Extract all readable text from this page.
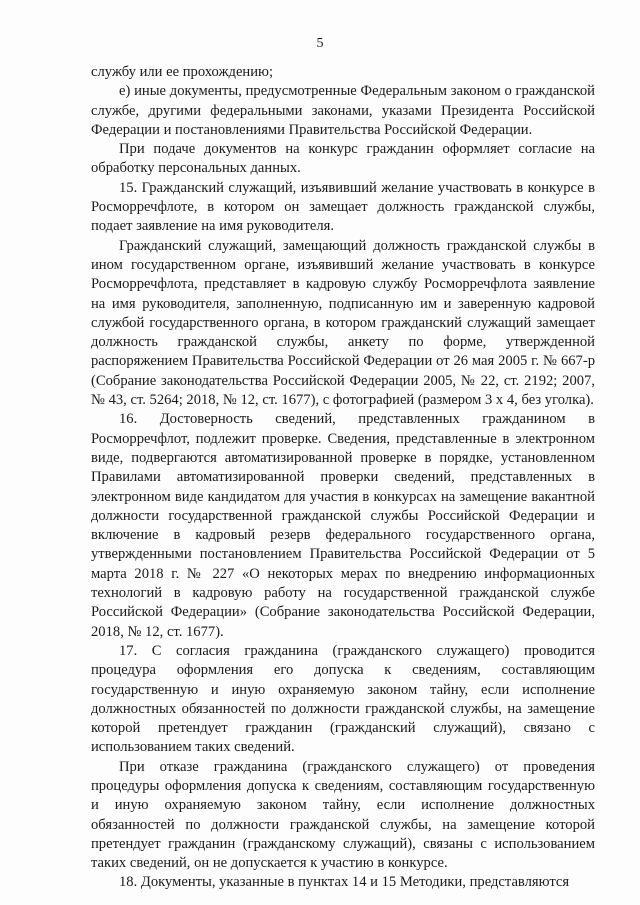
5

службу или ее прохождению;

е) иные документы, предусмотренные Федеральным законом о гражданской службе, другими федеральными законами, указами Президента Российской Федерации и постановлениями Правительства Российской Федерации.

При подаче документов на конкурс гражданин оформляет согласие на обработку персональных данных.

15. Гражданский служащий, изъявивший желание участвовать в конкурсе в Росморречфлоте, в котором он замещает должность гражданской службы, подает заявление на имя руководителя.

Гражданский служащий, замещающий должность гражданской службы в ином государственном органе, изъявивший желание участвовать в конкурсе Росморречфлота, представляет в кадровую службу Росморречфлота заявление на имя руководителя, заполненную, подписанную им и заверенную кадровой службой государственного органа, в котором гражданский служащий замещает должность гражданской службы, анкету по форме, утвержденной распоряжением Правительства Российской Федерации от 26 мая 2005 г. № 667-р (Собрание законодательства Российской Федерации 2005, № 22, ст. 2192; 2007, № 43, ст. 5264; 2018, № 12, ст. 1677), с фотографией (размером 3 х 4, без уголка).

16. Достоверность сведений, представленных гражданином в Росморречфлот, подлежит проверке. Сведения, представленные в электронном виде, подвергаются автоматизированной проверке в порядке, установленном Правилами автоматизированной проверки сведений, представленных в электронном виде кандидатом для участия в конкурсах на замещение вакантной должности государственной гражданской службы Российской Федерации и включение в кадровый резерв федерального государственного органа, утвержденными постановлением Правительства Российской Федерации от 5 марта 2018 г. № 227 «О некоторых мерах по внедрению информационных технологий в кадровую работу на государственной гражданской службе Российской Федерации» (Собрание законодательства Российской Федерации, 2018, № 12, ст. 1677).

17. С согласия гражданина (гражданского служащего) проводится процедура оформления его допуска к сведениям, составляющим государственную и иную охраняемую законом тайну, если исполнение должностных обязанностей по должности гражданской службы, на замещение которой претендует гражданин (гражданский служащий), связано с использованием таких сведений.

При отказе гражданина (гражданского служащего) от проведения процедуры оформления допуска к сведениям, составляющим государственную и иную охраняемую законом тайну, если исполнение должностных обязанностей по должности гражданской службы, на замещение которой претендует гражданин (гражданскому служащий), связаны с использованием таких сведений, он не допускается к участию в конкурсе.

18. Документы, указанные в пунктах 14 и 15 Методики, представляются
